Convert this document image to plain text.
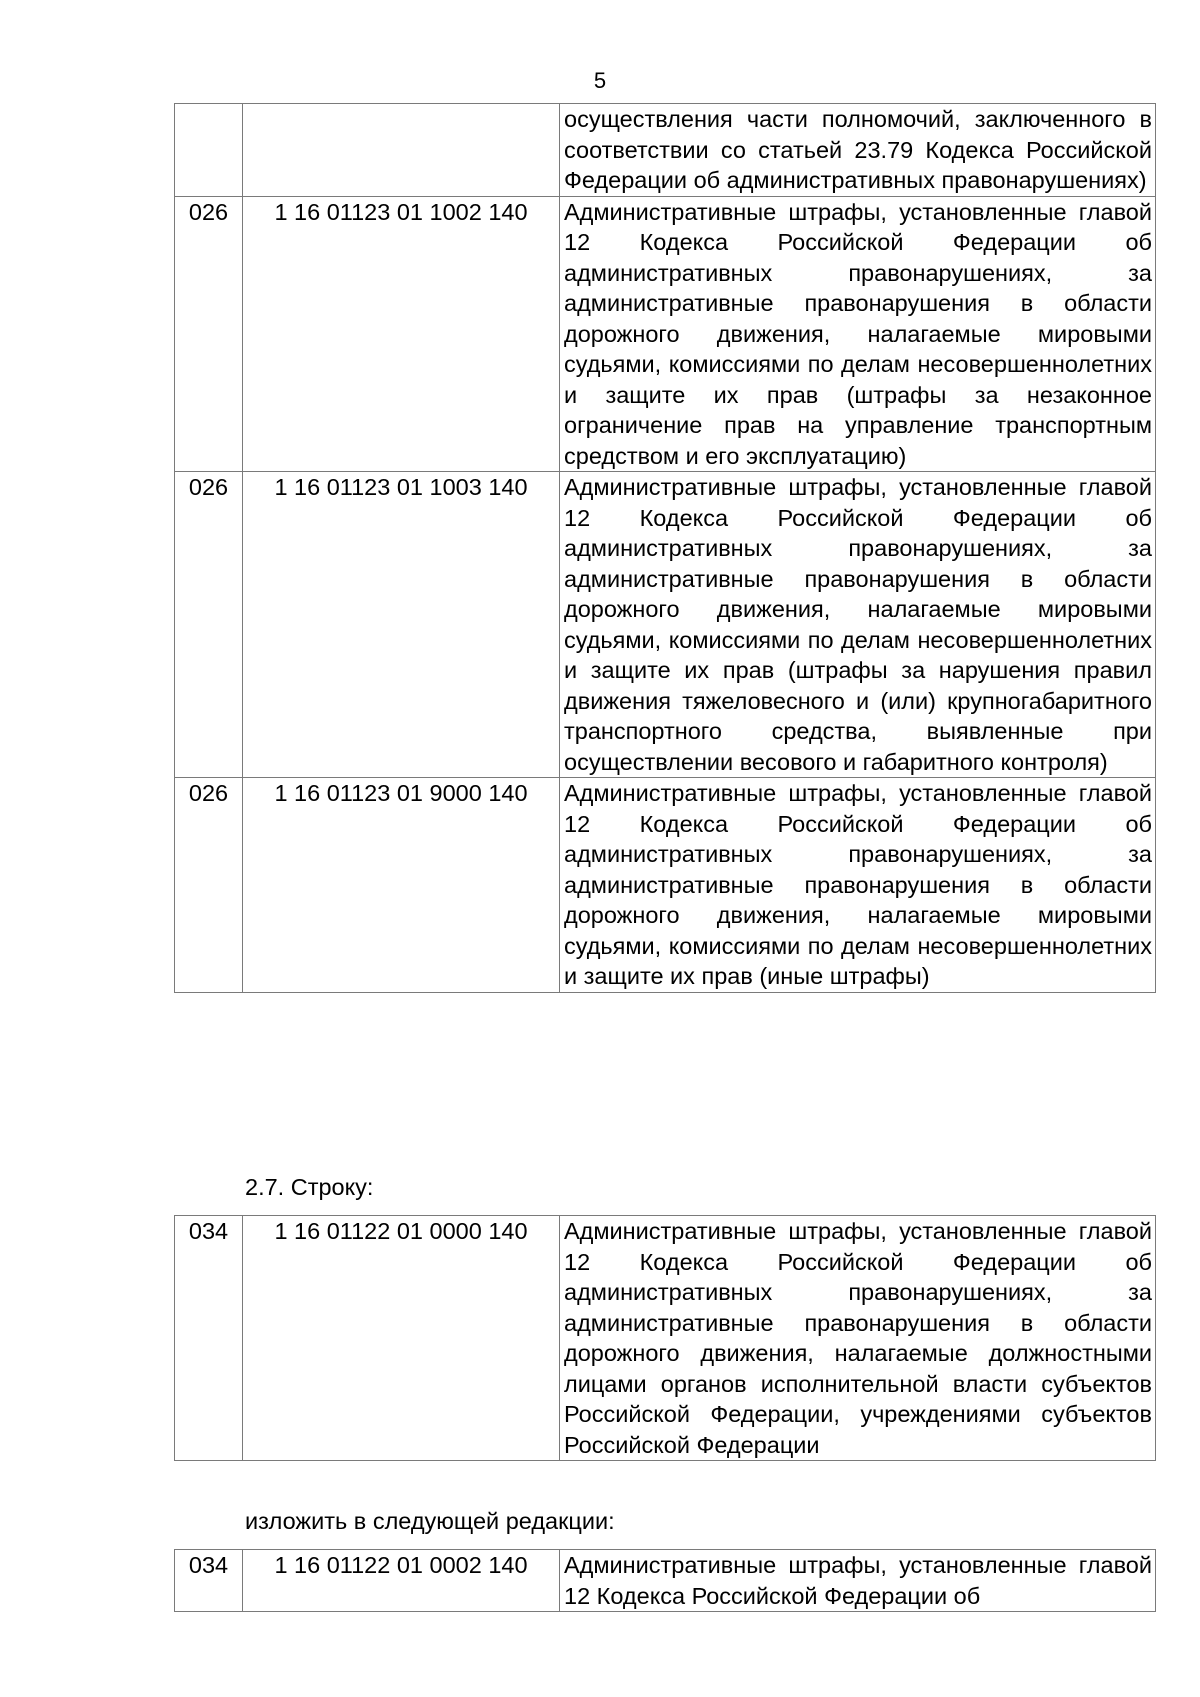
5
		осуществления части полномочий, заключенного в соответствии со статьей 23.79 Кодекса Российской Федерации об административных правонарушениях)
026	1 16 01123 01 1002 140	Административные штрафы, установленные главой 12 Кодекса Российской Федерации об административных правонарушениях, за административные правонарушения в области дорожного движения, налагаемые мировыми судьями, комиссиями по делам несовершеннолетних и защите их прав (штрафы за незаконное ограничение прав на управление транспортным средством и его эксплуатацию)
026	1 16 01123 01 1003 140	Административные штрафы, установленные главой 12 Кодекса Российской Федерации об административных правонарушениях, за административные правонарушения в области дорожного движения, налагаемые мировыми судьями, комиссиями по делам несовершеннолетних и защите их прав (штрафы за нарушения правил движения тяжеловесного и (или) крупногабаритного транспортного средства, выявленные при осуществлении весового и габаритного контроля)
026	1 16 01123 01 9000 140	Административные штрафы, установленные главой 12 Кодекса Российской Федерации об административных правонарушениях, за административные правонарушения в области дорожного движения, налагаемые мировыми судьями, комиссиями по делам несовершеннолетних и защите их прав (иные штрафы)
2.7. Строку:
034	1 16 01122 01 0000 140	Административные штрафы, установленные главой 12 Кодекса Российской Федерации об административных правонарушениях, за административные правонарушения в области дорожного движения, налагаемые должностными лицами органов исполнительной власти субъектов Российской Федерации, учреждениями субъектов Российской Федерации
изложить в следующей редакции:
034	1 16 01122 01 0002 140	Административные штрафы, установленные главой 12 Кодекса Российской Федерации об
